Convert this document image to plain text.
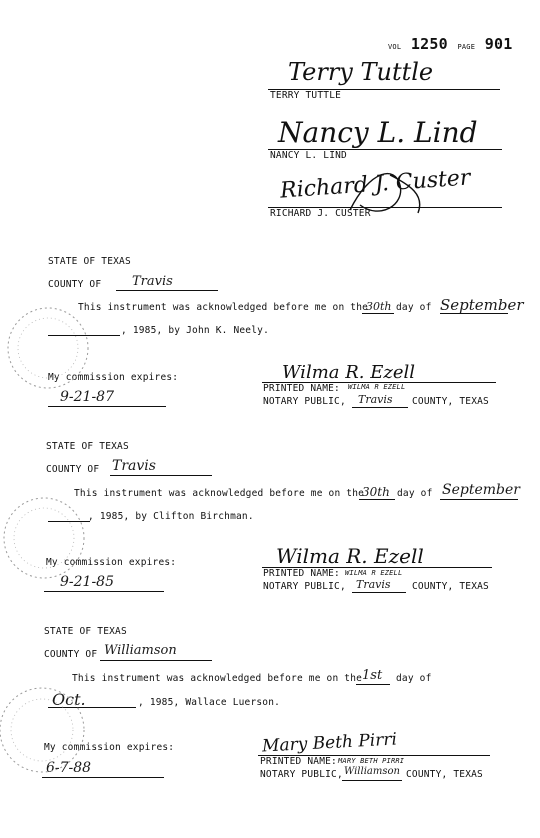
VOL 1250 PAGE 901
Terry Tuttle
TERRY TUTTLE
Nancy L. Lind
NANCY L. LIND
Richard J. Custer
RICHARD J. CUSTER
STATE OF TEXAS
COUNTY OF Travis
This instrument was acknowledged before me on the
30th day of September
, 1985, by John K. Neely.
My commission expires:
9-21-87
Wilma R. Ezell
PRINTED NAME: WILMA R EZELL
NOTARY PUBLIC, Travis COUNTY, TEXAS
STATE OF TEXAS
COUNTY OF Travis
This instrument was acknowledged before me on the
30th day of September
, 1985, by Clifton Birchman.
My commission expires:
9-21-85
Wilma R. Ezell
PRINTED NAME: WILMA R EZELL
NOTARY PUBLIC, Travis COUNTY, TEXAS
STATE OF TEXAS
COUNTY OF Williamson
This instrument was acknowledged before me on the 1st day of
Oct.	, 1985, Wallace Luerson.
My commission expires:
6-7-88
Mary Beth Pirri
PRINTED NAME: MARY BETH PIRRI
NOTARY PUBLIC, Williamson COUNTY, TEXAS
